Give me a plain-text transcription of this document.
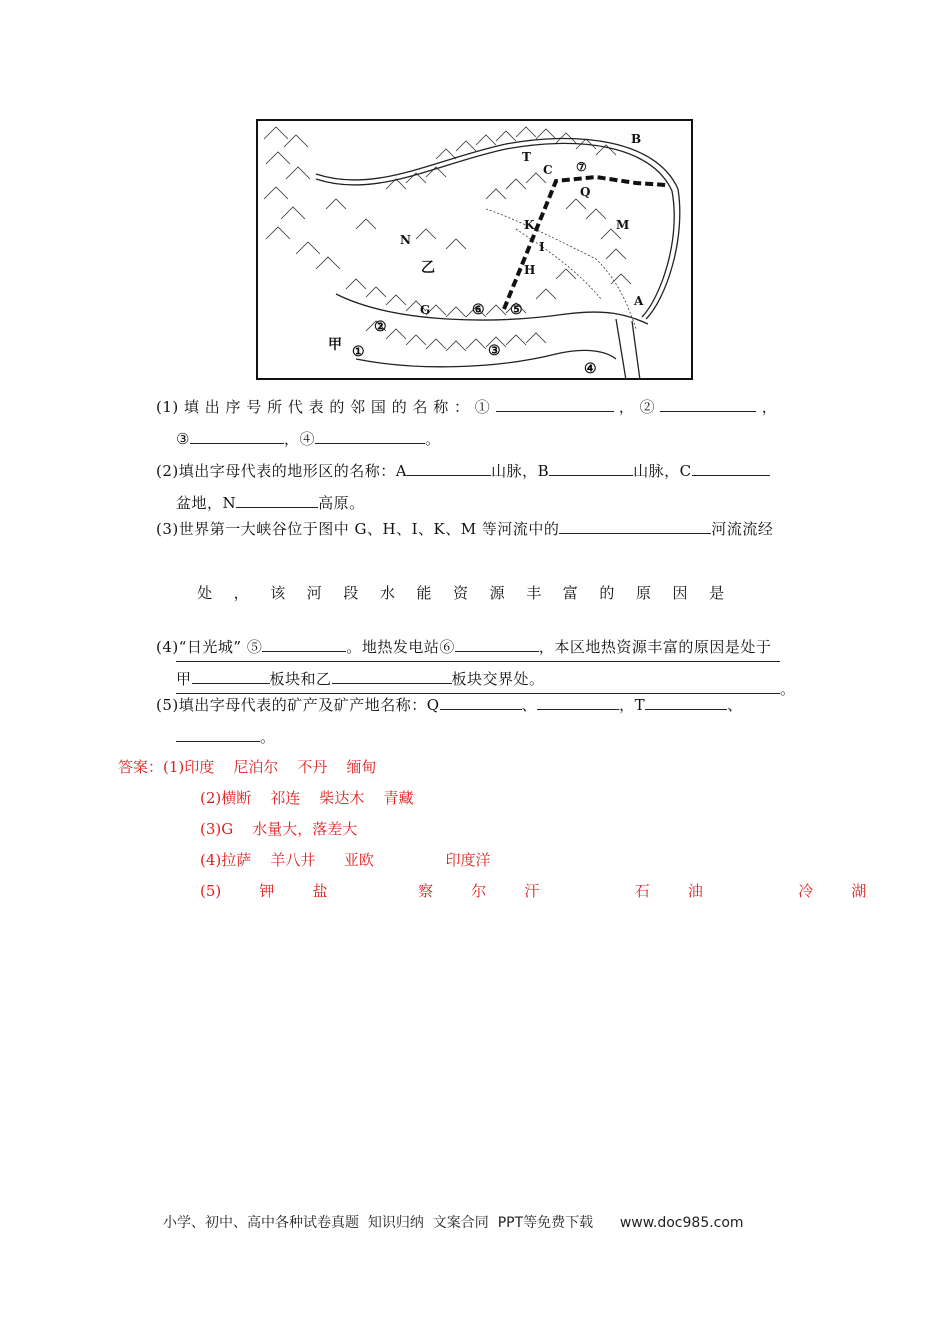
B
T
C ⑦
Q
K	M
I
H
N
乙
G	⑥ ⑤
②
③
A
甲 ①
④
(1) 填 出 序 号 所 代 表 的 邻 国 的 名 称 ： ①	， ②	，
③	，④	。
(2)填出字母代表的地形区的名称：A	山脉，B	山脉，C
盆地，N	高原。
(3)世界第一大峡谷位于图中 G、H、I、K、M 等河流中的	河流流经

处    ，    该    河    段    水    能    资    源    丰    富    的    原    因    是

。
(4)“日光城” ⑤	。地热发电站⑥	，本区地热资源丰富的原因是处于
甲	板块和乙	板块交界处。
(5)填出字母代表的矿产及矿产地名称：Q	、	，T	、
。
答案：(1)印度    尼泊尔    不丹    缅甸
(2)横断    祁连    柴达木    青藏
(3)G    水量大，落差大
(4)拉萨    羊八井      亚欧               印度洋
(5)        钾        盐                   察        尔        汗                    石        油                    冷        湖
小学、初中、高中各种试卷真题  知识归纳  文案合同  PPT等免费下载      www.doc985.com
